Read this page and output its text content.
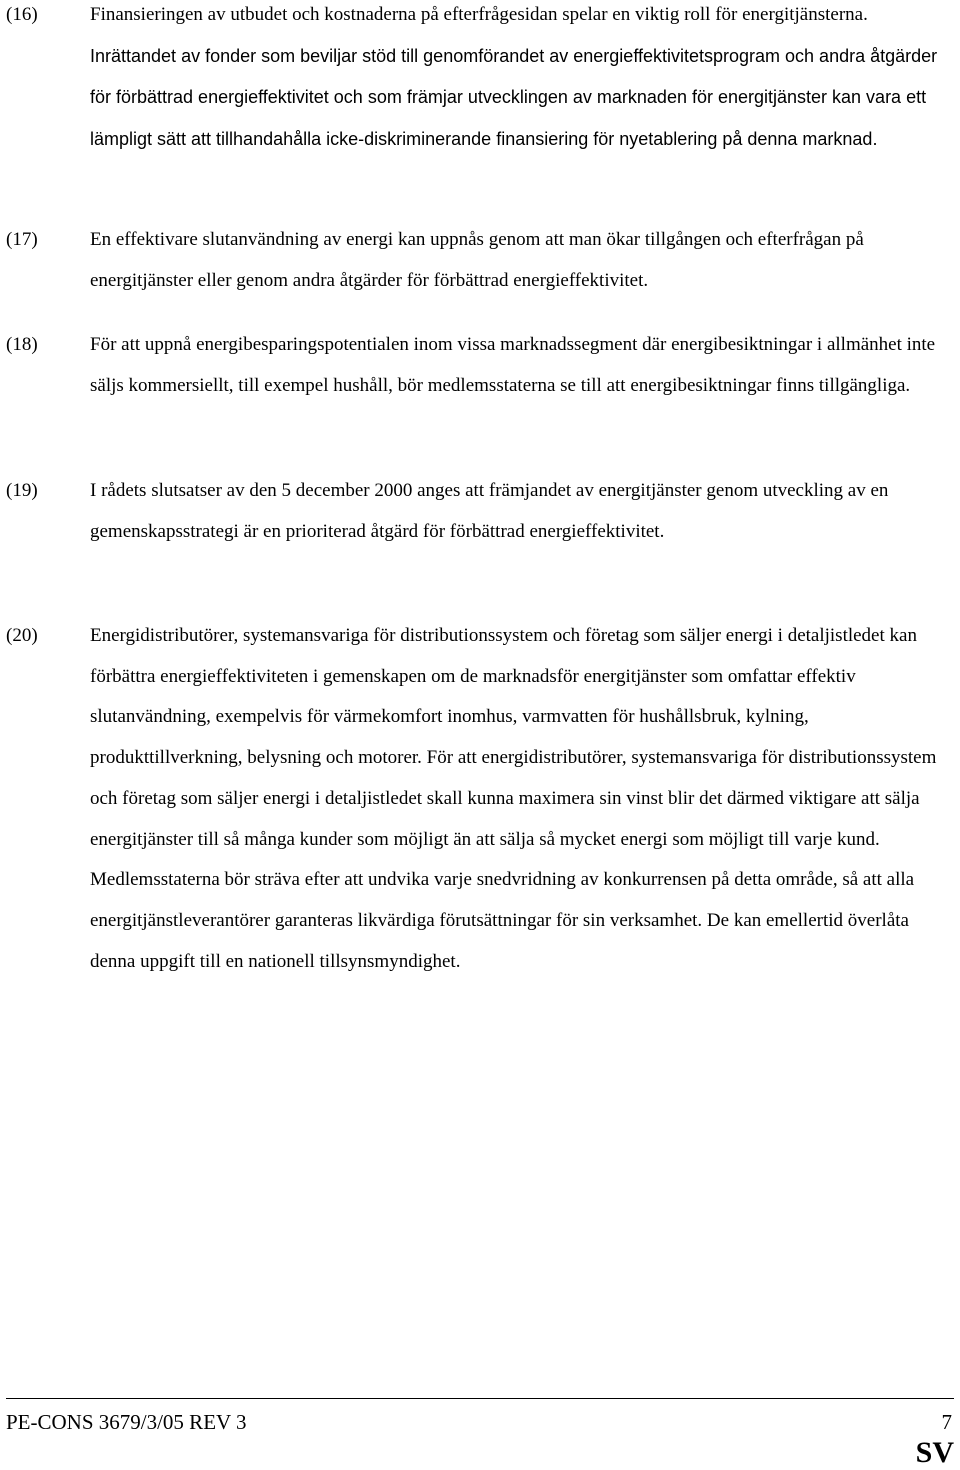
(16)	Finansieringen av utbudet och kostnaderna på efterfrågesidan spelar en viktig roll för energitjänsterna. Inrättandet av fonder som beviljar stöd till genomförandet av energieffektivitetsprogram och andra åtgärder för förbättrad energieffektivitet och som främjar utvecklingen av marknaden för energitjänster kan vara ett lämpligt sätt att tillhandahålla icke-diskriminerande finansiering för nyetablering på denna marknad.
(17)	En effektivare slutanvändning av energi kan uppnås genom att man ökar tillgången och efterfrågan på energitjänster eller genom andra åtgärder för förbättrad energieffektivitet.
(18)	För att uppnå energibesparingspotentialen inom vissa marknadssegment där energibesiktningar i allmänhet inte säljs kommersiellt, till exempel hushåll, bör medlemsstaterna se till att energibesiktningar finns tillgängliga.
(19)	I rådets slutsatser av den 5 december 2000 anges att främjandet av energitjänster genom utveckling av en gemenskapsstrategi är en prioriterad åtgärd för förbättrad energieffektivitet.
(20)	Energidistributörer, systemansvariga för distributionssystem och företag som säljer energi i detaljistledet kan förbättra energieffektiviteten i gemenskapen om de marknadsför energitjänster som omfattar effektiv slutanvändning, exempelvis för värmekomfort inomhus, varmvatten för hushållsbruk, kylning, produkttillverkning, belysning och motorer. För att energidistributörer, systemansvariga för distributionssystem och företag som säljer energi i detaljistledet skall kunna maximera sin vinst blir det därmed viktigare att sälja energitjänster till så många kunder som möjligt än att sälja så mycket energi som möjligt till varje kund. Medlemsstaterna bör sträva efter att undvika varje snedvridning av konkurrensen på detta område, så att alla energitjänstleverantörer garanteras likvärdiga förutsättningar för sin verksamhet. De kan emellertid överlåta denna uppgift till en nationell tillsynsmyndighet.
PE-CONS 3679/3/05 REV 3	7
SV
